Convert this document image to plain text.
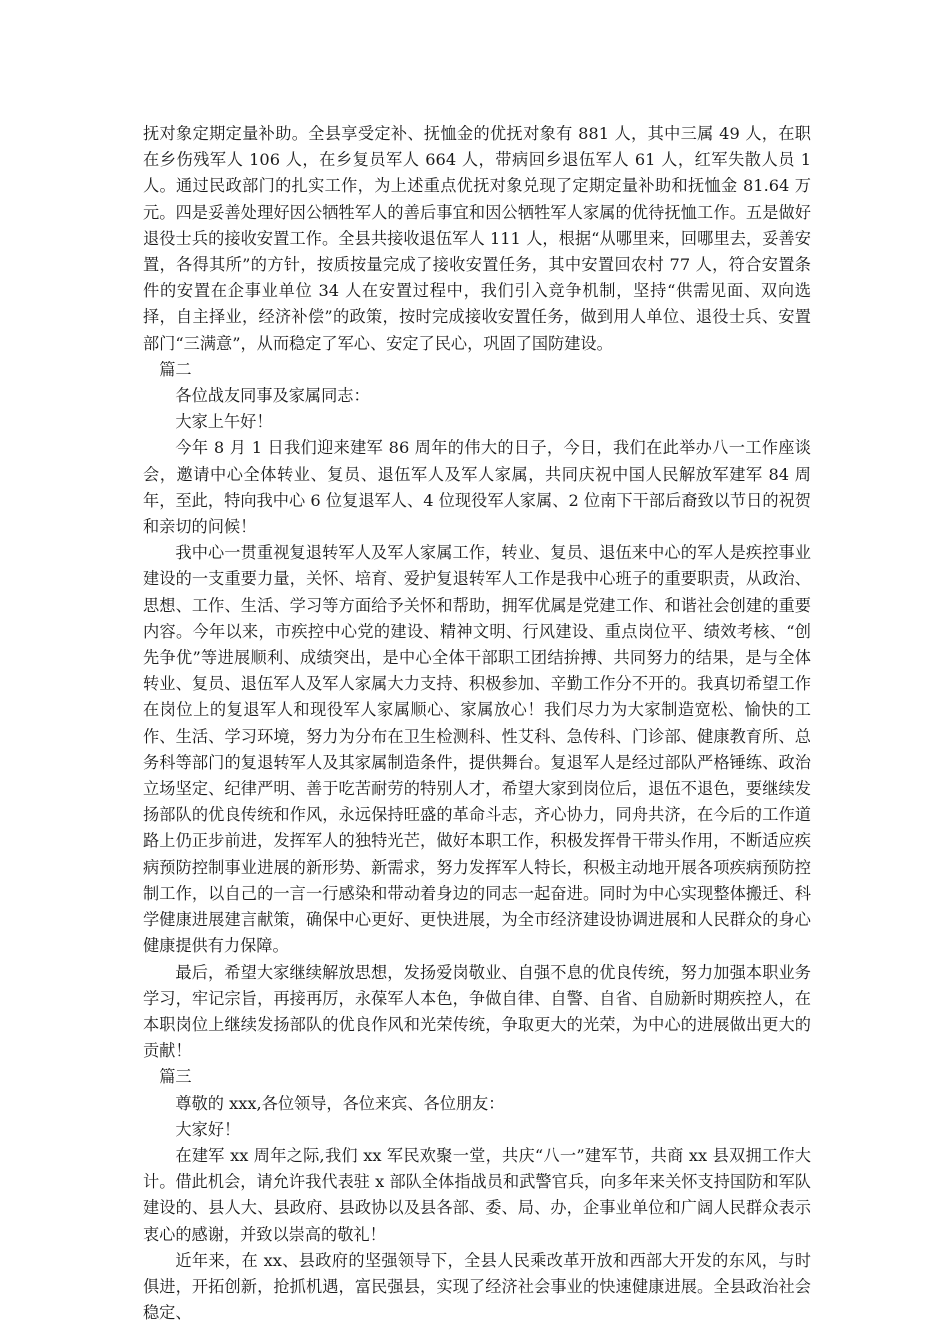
抚对象定期定量补助。全县享受定补、抚恤金的优抚对象有 881 人，其中三属 49 人，在职在乡伤残军人 106 人，在乡复员军人 664 人，带病回乡退伍军人 61 人，红军失散人员 1 人。通过民政部门的扎实工作，为上述重点优抚对象兑现了定期定量补助和抚恤金 81.64 万元。四是妥善处理好因公牺牲军人的善后事宜和因公牺牲军人家属的优待抚恤工作。五是做好退役士兵的接收安置工作。全县共接收退伍军人 111 人，根据“从哪里来，回哪里去，妥善安置，各得其所”的方针，按质按量完成了接收安置任务，其中安置回农村 77 人，符合安置条件的安置在企事业单位 34 人在安置过程中，我们引入竞争机制，坚持“供需见面、双向选择，自主择业，经济补偿”的政策，按时完成接收安置任务，做到用人单位、退役士兵、安置部门“三满意”，从而稳定了军心、安定了民心，巩固了国防建设。

篇二

各位战友同事及家属同志：

大家上午好！

今年 8 月 1 日我们迎来建军 86 周年的伟大的日子，今日，我们在此举办八一工作座谈会，邀请中心全体转业、复员、退伍军人及军人家属，共同庆祝中国人民解放军建军 84 周年，至此，特向我中心 6 位复退军人、4 位现役军人家属、2 位南下干部后裔致以节日的祝贺和亲切的问候！

我中心一贯重视复退转军人及军人家属工作，转业、复员、退伍来中心的军人是疾控事业建设的一支重要力量，关怀、培育、爱护复退转军人工作是我中心班子的重要职责，从政治、思想、工作、生活、学习等方面给予关怀和帮助，拥军优属是党建工作、和谐社会创建的重要内容。今年以来，市疾控中心党的建设、精神文明、行风建设、重点岗位平、绩效考核、“创先争优”等进展顺利、成绩突出，是中心全体干部职工团结拚搏、共同努力的结果，是与全体转业、复员、退伍军人及军人家属大力支持、积极参加、辛勤工作分不开的。我真切希望工作在岗位上的复退军人和现役军人家属顺心、家属放心！我们尽力为大家制造宽松、愉快的工作、生活、学习环境，努力为分布在卫生检测科、性艾科、急传科、门诊部、健康教育所、总务科等部门的复退转军人及其家属制造条件，提供舞台。复退军人是经过部队严格锤练、政治立场坚定、纪律严明、善于吃苦耐劳的特别人才，希望大家到岗位后，退伍不退色，要继续发扬部队的优良传统和作风，永远保持旺盛的革命斗志，齐心协力，同舟共济，在今后的工作道路上仍正步前进，发挥军人的独特光芒，做好本职工作，积极发挥骨干带头作用，不断适应疾病预防控制事业进展的新形势、新需求，努力发挥军人特长，积极主动地开展各项疾病预防控制工作，以自己的一言一行感染和带动着身边的同志一起奋进。同时为中心实现整体搬迁、科学健康进展建言献策，确保中心更好、更快进展，为全市经济建设协调进展和人民群众的身心健康提供有力保障。

最后，希望大家继续解放思想，发扬爱岗敬业、自强不息的优良传统，努力加强本职业务学习，牢记宗旨，再接再厉，永葆军人本色，争做自律、自警、自省、自励新时期疾控人，在本职岗位上继续发扬部队的优良作风和光荣传统，争取更大的光荣，为中心的进展做出更大的贡献！

篇三

尊敬的 xxx,各位领导，各位来宾、各位朋友：

大家好！

在建军 xx 周年之际,我们 xx 军民欢聚一堂，共庆“八一”建军节，共商 xx 县双拥工作大计。借此机会，请允许我代表驻 x 部队全体指战员和武警官兵，向多年来关怀支持国防和军队建设的、县人大、县政府、县政协以及县各部、委、局、办，企事业单位和广阔人民群众表示衷心的感谢，并致以崇高的敬礼！

近年来，在 xx、县政府的坚强领导下，全县人民乘改革开放和西部大开发的东风，与时俱进，开拓创新，抢抓机遇，富民强县，实现了经济社会事业的快速健康进展。全县政治社会稳定、
